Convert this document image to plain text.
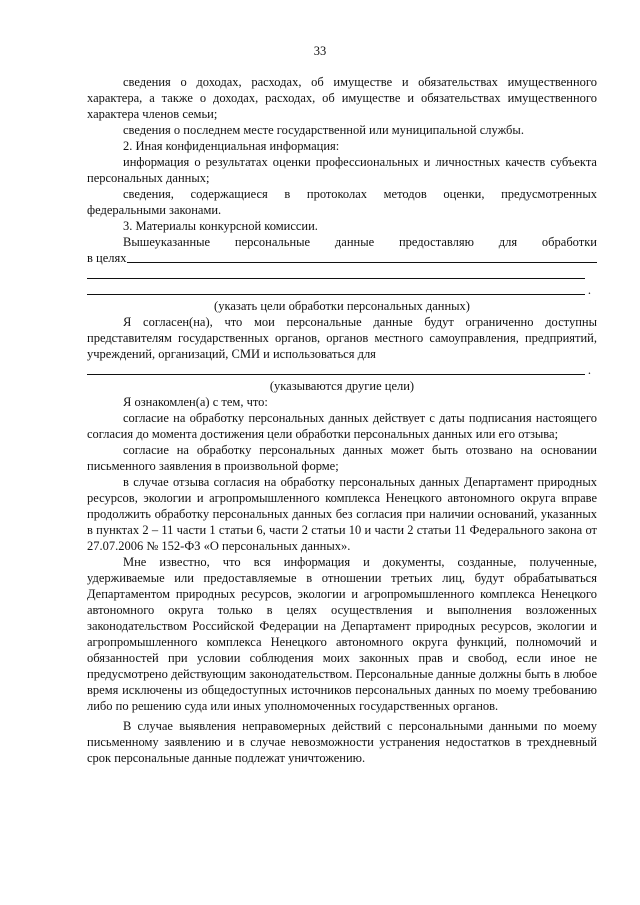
33

сведения о доходах, расходах, об имуществе и обязательствах имущественного характера, а также о доходах, расходах, об имуществе и обязательствах имущественного характера членов семьи;

сведения о последнем месте государственной или муниципальной службы.

2. Иная конфиденциальная информация:

информация о результатах оценки профессиональных и личностных качеств субъекта персональных данных;

сведения, содержащиеся в протоколах методов оценки, предусмотренных федеральными законами.

3. Материалы конкурсной комиссии.

Вышеуказанные персональные данные предоставляю для обработки

в целях
.

(указать цели обработки персональных данных)

Я согласен(на), что мои персональные данные будут ограниченно доступны представителям государственных органов, органов местного самоуправления, предприятий, учреждений, организаций, СМИ и использоваться для

.

(указываются другие цели)

Я ознакомлен(а) с тем, что:

согласие на обработку персональных данных действует с даты подписания настоящего согласия до момента достижения цели обработки персональных данных или его отзыва;

согласие на обработку персональных данных может быть отозвано на основании письменного заявления в произвольной форме;

в случае отзыва согласия на обработку персональных данных Департамент природных ресурсов, экологии и агропромышленного комплекса Ненецкого автономного округа вправе продолжить обработку персональных данных без согласия при наличии оснований, указанных в пунктах 2 – 11 части 1 статьи 6, части 2 статьи 10 и части 2 статьи 11 Федерального закона от 27.07.2006 № 152-ФЗ «О персональных данных».

Мне известно, что вся информация и документы, созданные, полученные, удерживаемые или предоставляемые в отношении третьих лиц, будут обрабатываться Департаментом природных ресурсов, экологии и агропромышленного комплекса Ненецкого автономного округа только в целях осуществления и выполнения возложенных законодательством Российской Федерации на Департамент природных ресурсов, экологии и агропромышленного комплекса Ненецкого автономного округа функций, полномочий и обязанностей при условии соблюдения моих законных прав и свобод, если иное не предусмотрено действующим законодательством. Персональные данные должны быть в любое время исключены из общедоступных источников персональных данных по моему требованию либо по решению суда или иных уполномоченных государственных органов.

В случае выявления неправомерных действий с персональными данными по моему письменному заявлению и в случае невозможности устранения недостатков в трехдневный срок персональные данные подлежат уничтожению.
